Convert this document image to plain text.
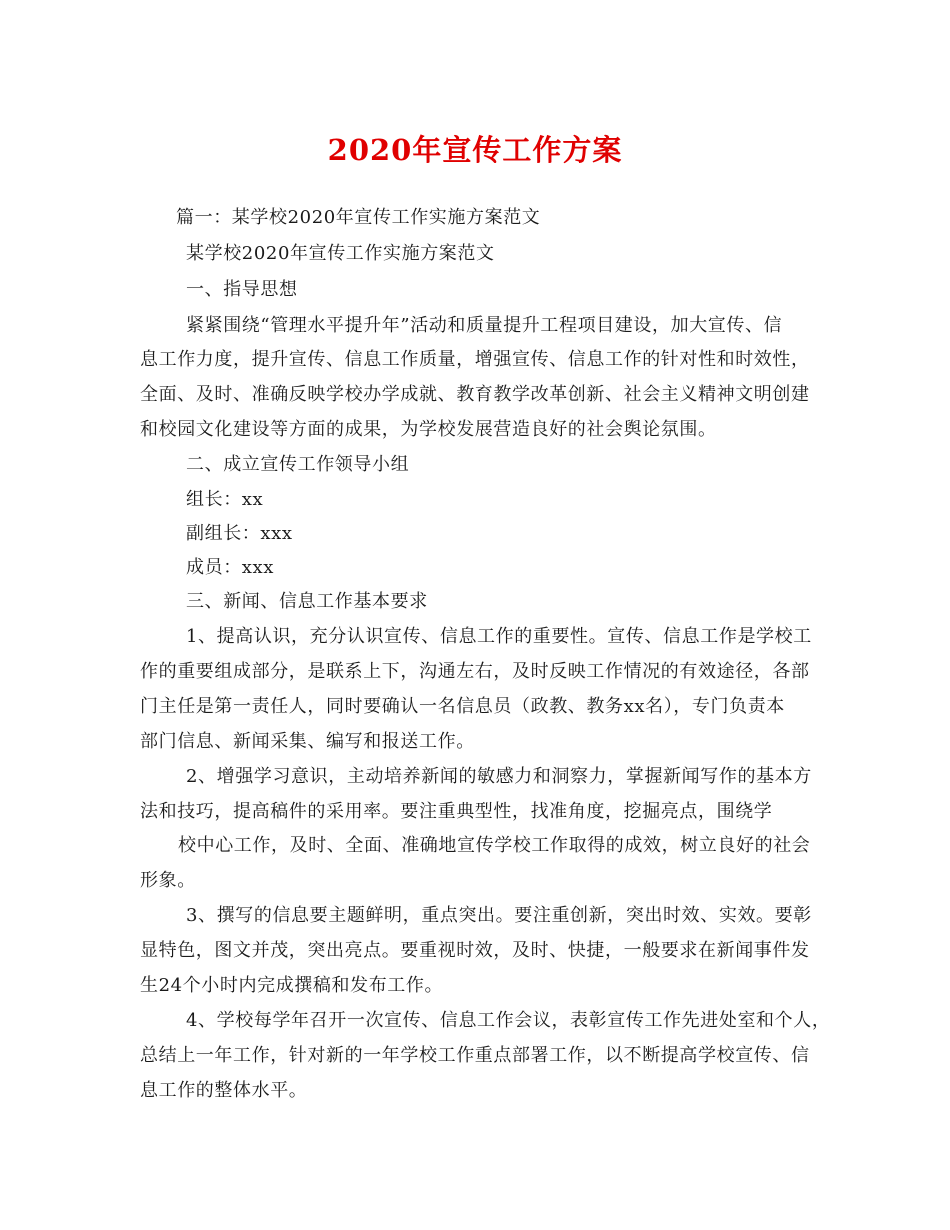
2020年宣传工作方案
篇一：某学校2020年宣传工作实施方案范文
某学校2020年宣传工作实施方案范文
一、指导思想
紧紧围绕“管理水平提升年”活动和质量提升工程项目建设，加大宣传、信
息工作力度，提升宣传、信息工作质量，增强宣传、信息工作的针对性和时效性，
全面、及时、准确反映学校办学成就、教育教学改革创新、社会主义精神文明创建
和校园文化建设等方面的成果，为学校发展营造良好的社会舆论氛围。
二、成立宣传工作领导小组
组长：xx
副组长：xxx
成员：xxx
三、新闻、信息工作基本要求
1、提高认识，充分认识宣传、信息工作的重要性。宣传、信息工作是学校工
作的重要组成部分，是联系上下，沟通左右，及时反映工作情况的有效途径，各部
门主任是第一责任人，同时要确认一名信息员（政教、教务xx名），专门负责本
部门信息、新闻采集、编写和报送工作。
2、增强学习意识，主动培养新闻的敏感力和洞察力，掌握新闻写作的基本方
法和技巧，提高稿件的采用率。要注重典型性，找准角度，挖掘亮点，围绕学
校中心工作，及时、全面、准确地宣传学校工作取得的成效，树立良好的社会
形象。
3、撰写的信息要主题鲜明，重点突出。要注重创新，突出时效、实效。要彰
显特色，图文并茂，突出亮点。要重视时效，及时、快捷，一般要求在新闻事件发
生24个小时内完成撰稿和发布工作。
4、学校每学年召开一次宣传、信息工作会议，表彰宣传工作先进处室和个人，
总结上一年工作，针对新的一年学校工作重点部署工作，以不断提高学校宣传、信
息工作的整体水平。
